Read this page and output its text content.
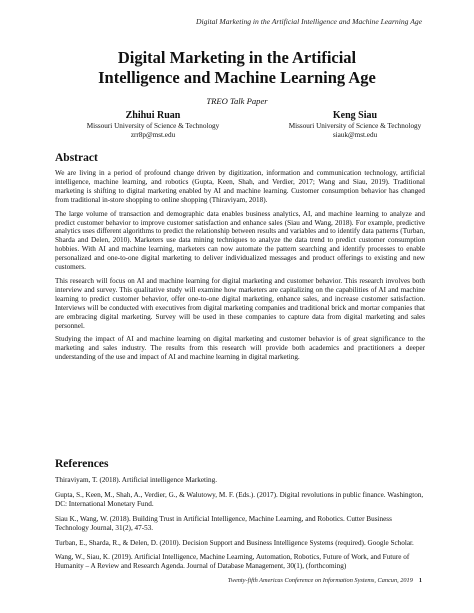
Digital Marketing in the Artificial Intelligence and Machine Learning Age
Digital Marketing in the Artificial
Intelligence and Machine Learning Age
TREO Talk Paper
Zhihui Ruan
Missouri University of Science & Technology
zrr8p@mst.edu
Keng Siau
Missouri University of Science & Technology
siauk@mst.edu
Abstract

We are living in a period of profound change driven by digitization, information and communication technology, artificial intelligence, machine learning, and robotics (Gupta, Keen, Shah, and Verdier, 2017; Wang and Siau, 2019). Traditional marketing is shifting to digital marketing enabled by AI and machine learning. Customer consumption behavior has changed from traditional in-store shopping to online shopping (Thiraviyam, 2018).

The large volume of transaction and demographic data enables business analytics, AI, and machine learning to analyze and predict customer behavior to improve customer satisfaction and enhance sales (Siau and Wang, 2018). For example, predictive analytics uses different algorithms to predict the relationship between results and variables and to identify data patterns (Turban, Sharda and Delen, 2010). Marketers use data mining techniques to analyze the data trend to predict customer consumption hobbies. With AI and machine learning, marketers can now automate the pattern searching and identify processes to enable personalized and one-to-one digital marketing to deliver individualized messages and product offerings to existing and new customers.

This research will focus on AI and machine learning for digital marketing and customer behavior. This research involves both interview and survey. This qualitative study will examine how marketers are capitalizing on the capabilities of AI and machine learning to predict customer behavior, offer one-to-one digital marketing, enhance sales, and increase customer satisfaction. Interviews will be conducted with executives from digital marketing companies and traditional brick and mortar companies that are embracing digital marketing. Survey will be used in these companies to capture data from digital marketing and sales personnel.

Studying the impact of AI and machine learning on digital marketing and customer behavior is of great significance to the marketing and sales industry. The results from this research will provide both academics and practitioners a deeper understanding of the use and impact of AI and machine learning in digital marketing.

References

Thiraviyam, T. (2018). Artificial intelligence Marketing.

Gupta, S., Keen, M., Shah, A., Verdier, G., & Walutowy, M. F. (Eds.). (2017). Digital revolutions in public finance. Washington, DC: International Monetary Fund.

Siau K., Wang, W. (2018). Building Trust in Artificial Intelligence, Machine Learning, and Robotics. Cutter Business Technology Journal, 31(2), 47-53.

Turban, E., Sharda, R., & Delen, D. (2010). Decision Support and Business Intelligence Systems (required). Google Scholar.

Wang, W., Siau, K. (2019). Artificial Intelligence, Machine Learning, Automation, Robotics, Future of Work, and Future of Humanity – A Review and Research Agenda. Journal of Database Management, 30(1), (forthcoming)

Twenty-fifth Americas Conference on Information Systems, Cancun, 2019 1
